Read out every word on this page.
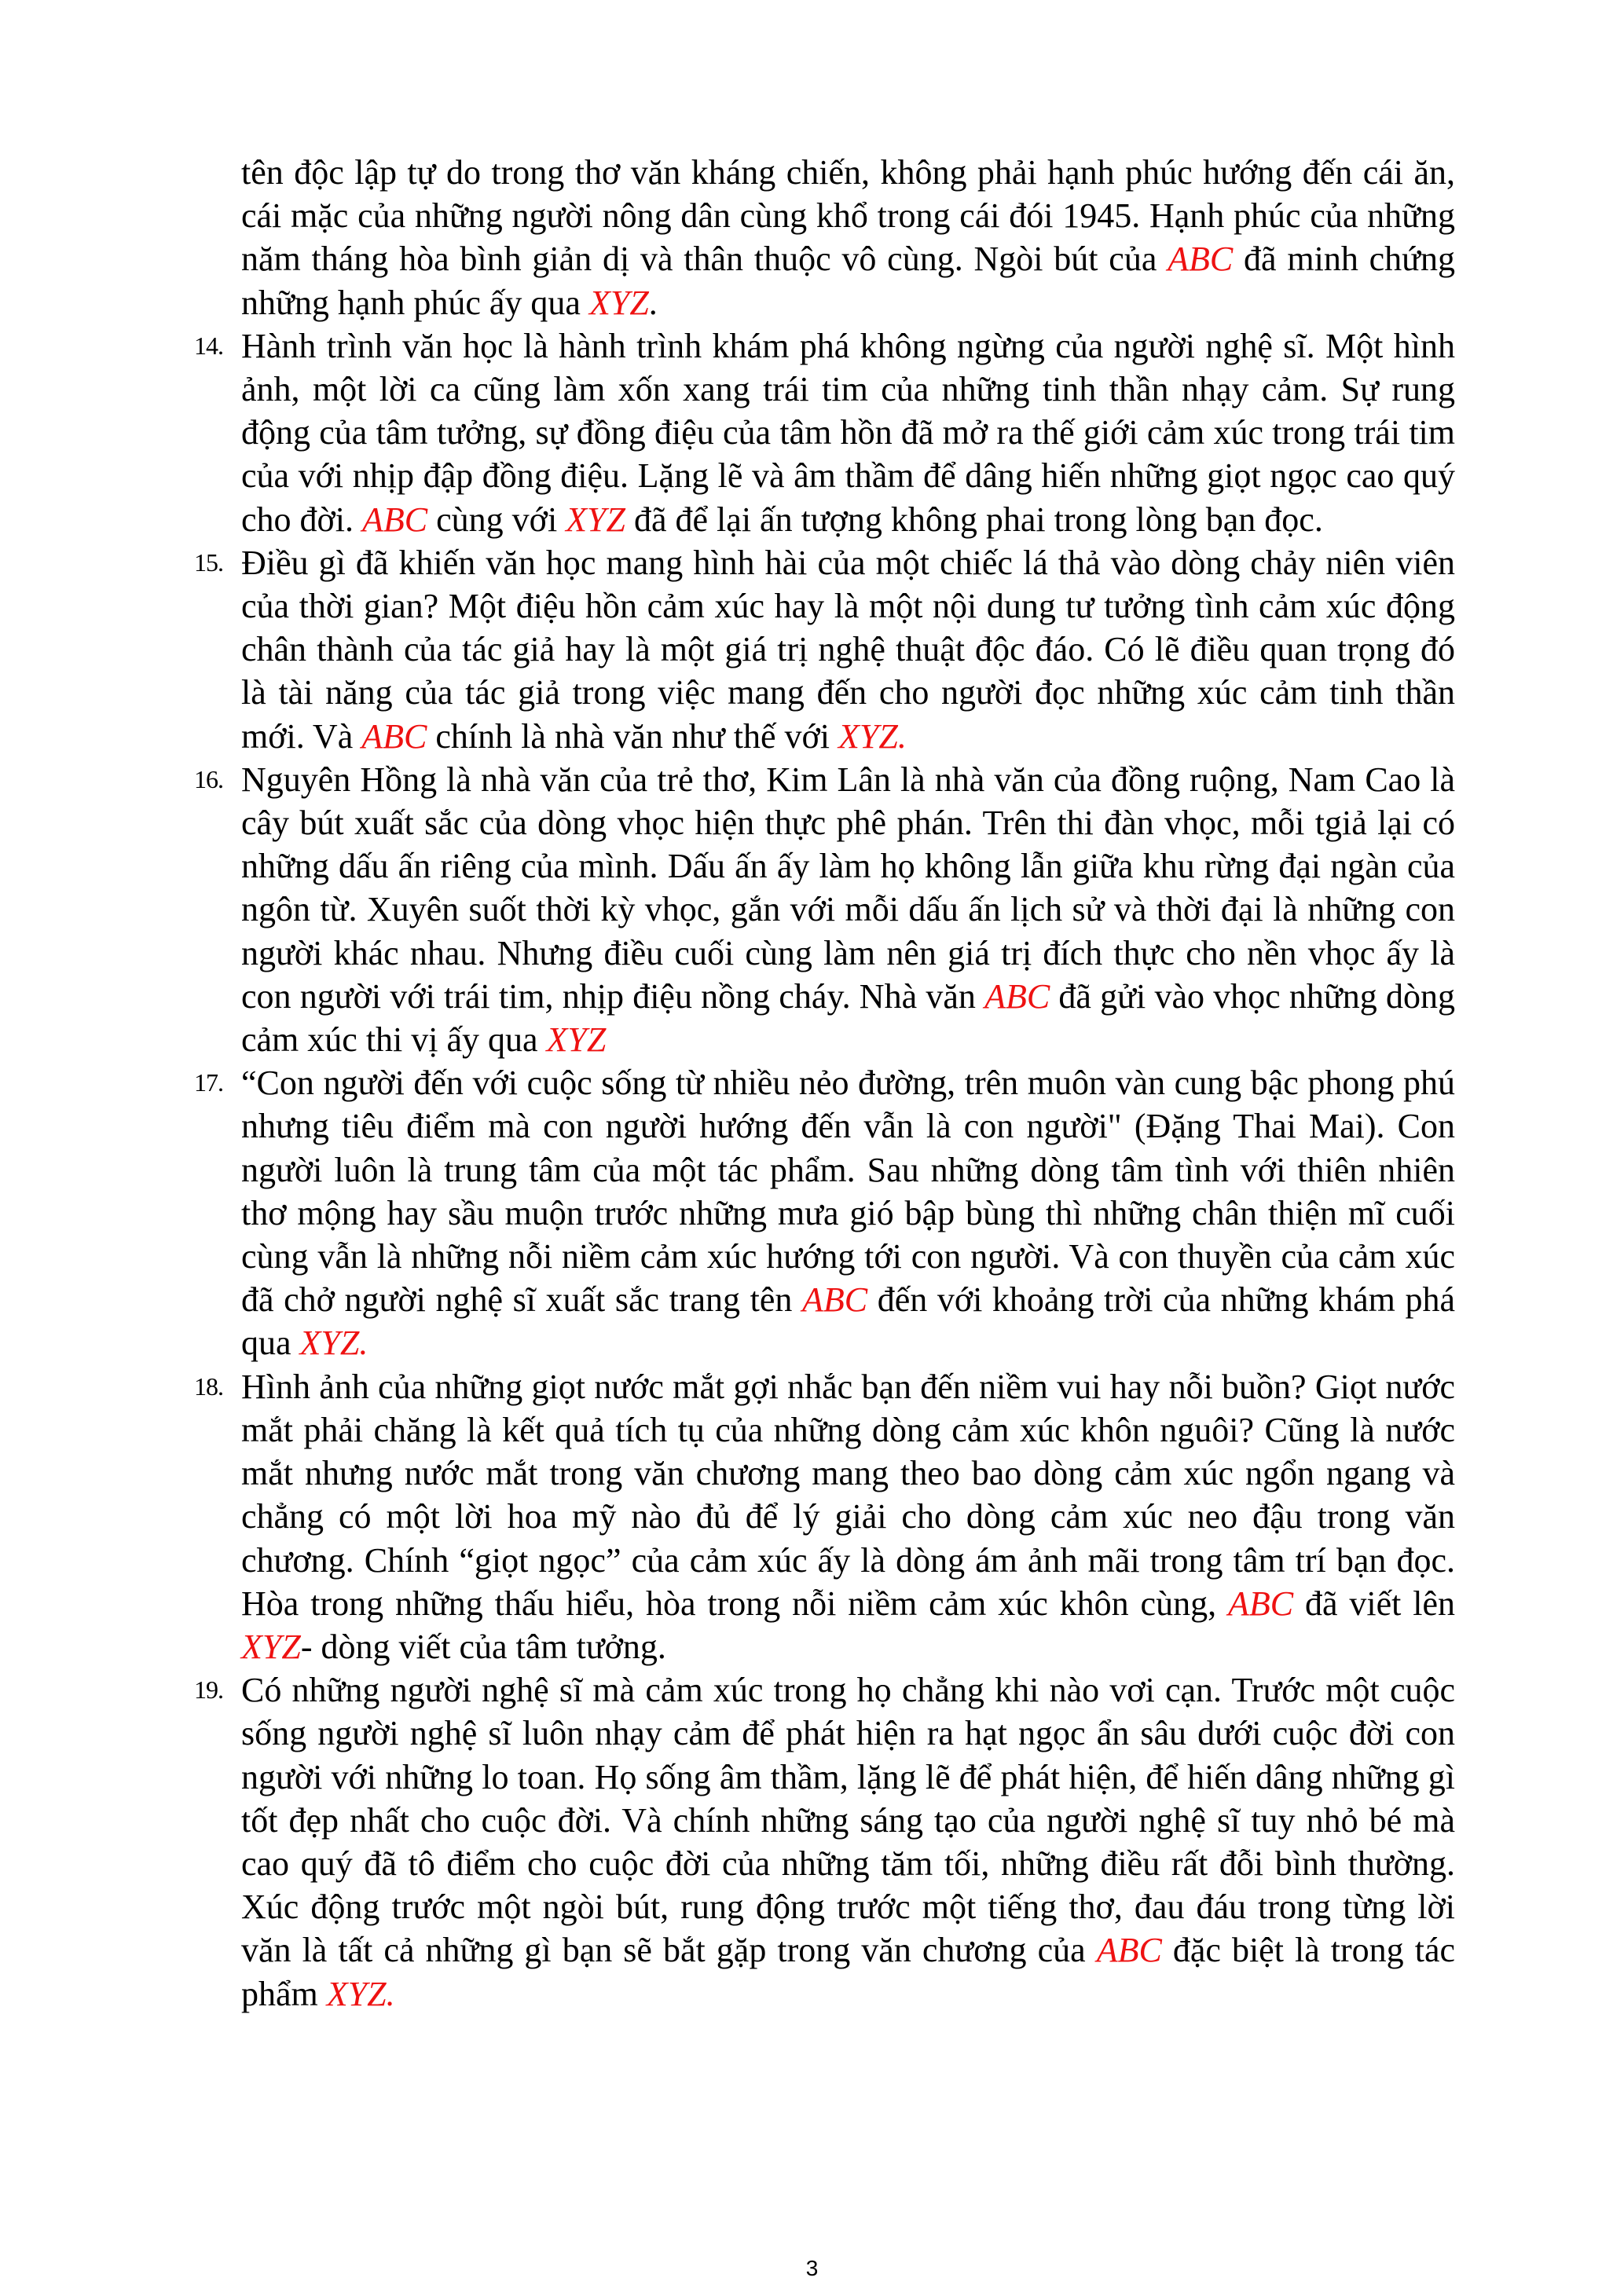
tên độc lập tự do trong thơ văn kháng chiến, không phải hạnh phúc hướng đến cái ăn, cái mặc của những người nông dân cùng khổ trong cái đói 1945. Hạnh phúc của những năm tháng hòa bình giản dị và thân thuộc vô cùng. Ngòi bút của ABC đã minh chứng những hạnh phúc ấy qua XYZ.

14. Hành trình văn học là hành trình khám phá không ngừng của người nghệ sĩ. Một hình ảnh, một lời ca cũng làm xốn xang trái tim của những tinh thần nhạy cảm. Sự rung động của tâm tưởng, sự đồng điệu của tâm hồn đã mở ra thế giới cảm xúc trong trái tim của với nhịp đập đồng điệu. Lặng lẽ và âm thầm để dâng hiến những giọt ngọc cao quý cho đời. ABC cùng với XYZ đã để lại ấn tượng không phai trong lòng bạn đọc.
15. Điều gì đã khiến văn học mang hình hài của một chiếc lá thả vào dòng chảy niên viên của thời gian? Một điệu hồn cảm xúc hay là một nội dung tư tưởng tình cảm xúc động chân thành của tác giả hay là một giá trị nghệ thuật độc đáo. Có lẽ điều quan trọng đó là tài năng của tác giả trong việc mang đến cho người đọc những xúc cảm tinh thần mới. Và ABC chính là nhà văn như thế với XYZ.
16. Nguyên Hồng là nhà văn của trẻ thơ, Kim Lân là nhà văn của đồng ruộng, Nam Cao là cây bút xuất sắc của dòng vhọc hiện thực phê phán. Trên thi đàn vhọc, mỗi tgiả lại có những dấu ấn riêng của mình. Dấu ấn ấy làm họ không lẫn giữa khu rừng đại ngàn của ngôn từ. Xuyên suốt thời kỳ vhọc, gắn với mỗi dấu ấn lịch sử và thời đại là những con người khác nhau. Nhưng điều cuối cùng làm nên giá trị đích thực cho nền vhọc ấy là con người với trái tim, nhịp điệu nồng cháy. Nhà văn ABC đã gửi vào vhọc những dòng cảm xúc thi vị ấy qua XYZ
17. “Con người đến với cuộc sống từ nhiều nẻo đường, trên muôn vàn cung bậc phong phú nhưng tiêu điểm mà con người hướng đến vẫn là con người" (Đặng Thai Mai). Con người luôn là trung tâm của một tác phẩm. Sau những dòng tâm tình với thiên nhiên thơ mộng hay sầu muộn trước những mưa gió bập bùng thì những chân thiện mĩ cuối cùng vẫn là những nỗi niềm cảm xúc hướng tới con người. Và con thuyền của cảm xúc đã chở người nghệ sĩ xuất sắc trang tên ABC đến với khoảng trời của những khám phá qua XYZ.
18. Hình ảnh của những giọt nước mắt gợi nhắc bạn đến niềm vui hay nỗi buồn? Giọt nước mắt phải chăng là kết quả tích tụ của những dòng cảm xúc khôn nguôi? Cũng là nước mắt nhưng nước mắt trong văn chương mang theo bao dòng cảm xúc ngổn ngang và chẳng có một lời hoa mỹ nào đủ để lý giải cho dòng cảm xúc neo đậu trong văn chương. Chính “giọt ngọc” của cảm xúc ấy là dòng ám ảnh mãi trong tâm trí bạn đọc. Hòa trong những thấu hiểu, hòa trong nỗi niềm cảm xúc khôn cùng, ABC đã viết lên XYZ- dòng viết của tâm tưởng.
19. Có những người nghệ sĩ mà cảm xúc trong họ chẳng khi nào vơi cạn. Trước một cuộc sống người nghệ sĩ luôn nhạy cảm để phát hiện ra hạt ngọc ẩn sâu dưới cuộc đời con người với những lo toan. Họ sống âm thầm, lặng lẽ để phát hiện, để hiến dâng những gì tốt đẹp nhất cho cuộc đời. Và chính những sáng tạo của người nghệ sĩ tuy nhỏ bé mà cao quý đã tô điểm cho cuộc đời của những tăm tối, những điều rất đỗi bình thường. Xúc động trước một ngòi bút, rung động trước một tiếng thơ, đau đáu trong từng lời văn là tất cả những gì bạn sẽ bắt gặp trong văn chương của ABC đặc biệt là trong tác phẩm XYZ.
3
